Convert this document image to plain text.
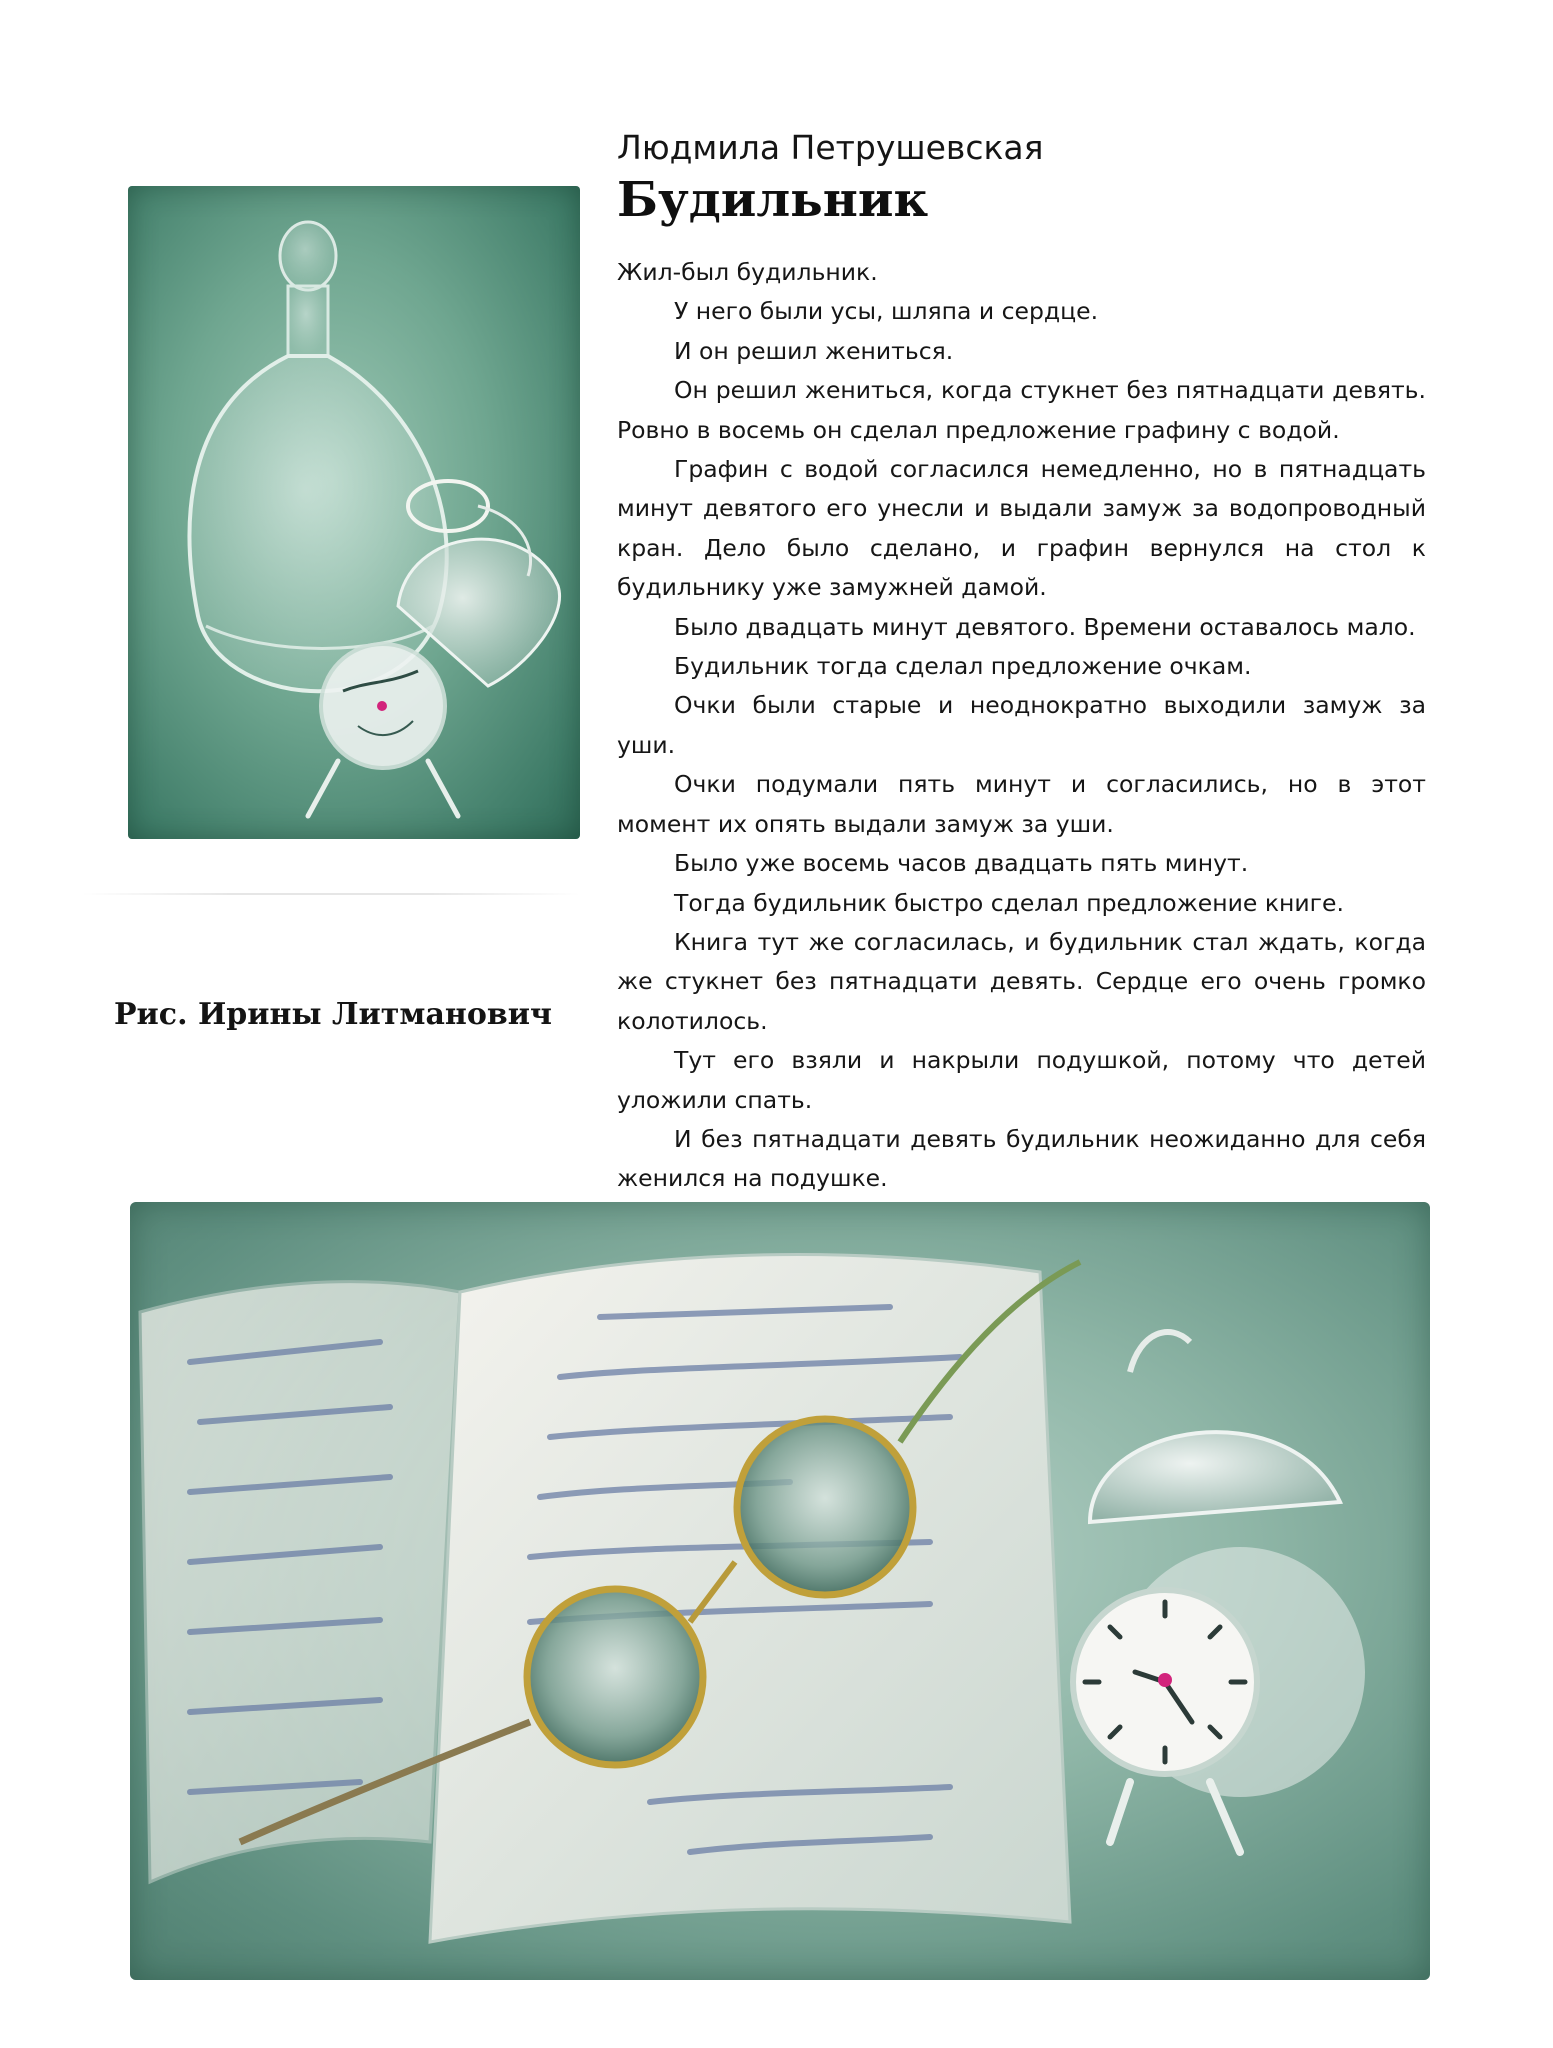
Рис. Ирины Литманович
Людмила Петрушевская
Будильник

Жил-был будильник.

У него были усы, шляпа и сердце.

И он решил жениться.

Он решил жениться, когда стукнет без пятнадцати девять. Ровно в восемь он сделал предложение графину с водой.

Графин с водой согласился немедленно, но в пятнадцать минут девятого его унесли и выдали замуж за водопроводный кран. Дело было сделано, и графин вернулся на стол к будильнику уже замужней дамой.

Было двадцать минут девятого. Времени оставалось мало.

Будильник тогда сделал предложение очкам.

Очки были старые и неоднократно выходили замуж за уши.

Очки подумали пять минут и согласились, но в этот момент их опять выдали замуж за уши.

Было уже восемь часов двадцать пять минут.

Тогда будильник быстро сделал предложение книге.

Книга тут же согласилась, и будильник стал ждать, когда же стукнет без пятнадцати девять. Сердце его очень громко колотилось.

Тут его взяли и накрыли подушкой, потому что детей уложили спать.

И без пятнадцати девять будильник неожиданно для себя женился на подушке.
